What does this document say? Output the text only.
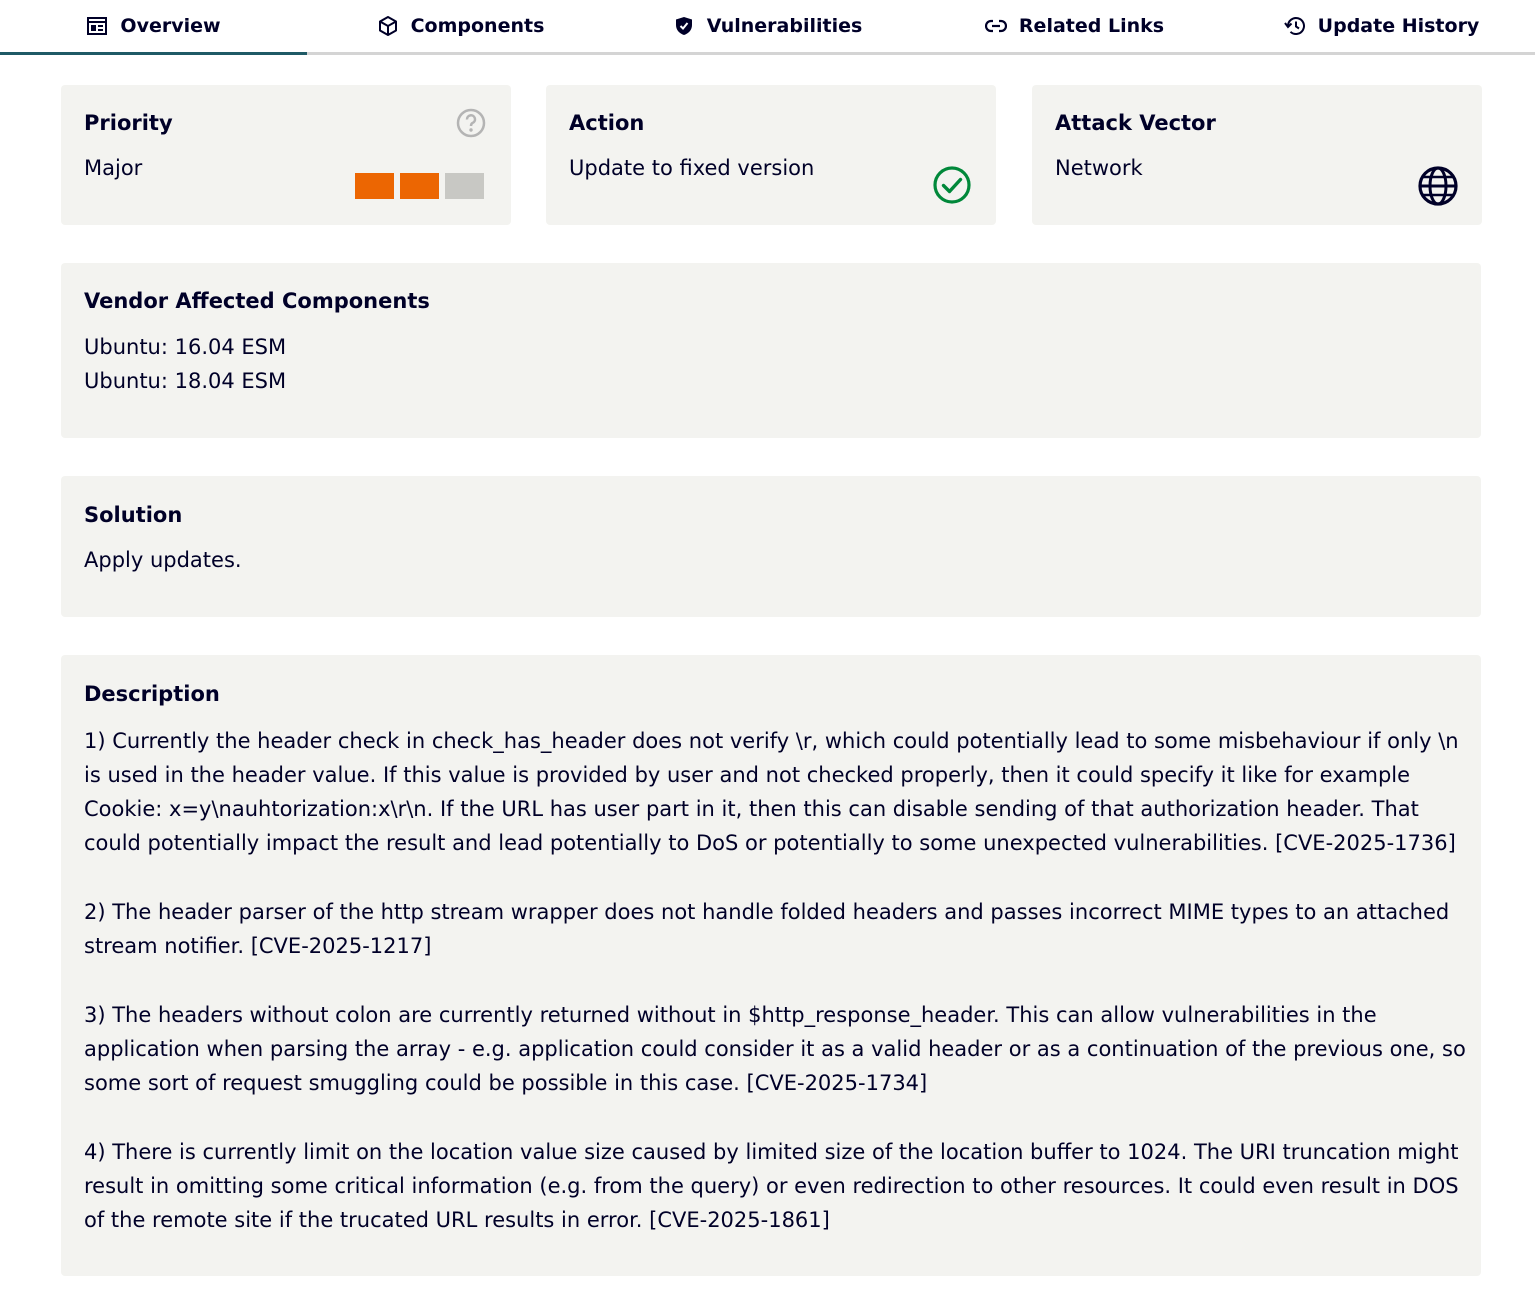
Overview	Components	Vulnerabilities	Related Links	Update History
Priority
Major
Action
Update to fixed version
Attack Vector
Network
Vendor Affected Components
Ubuntu: 16.04 ESM
Ubuntu: 18.04 ESM
Solution
Apply updates.
Description

1) Currently the header check in check_has_header does not verify \r, which could potentially lead to some misbehaviour if only \n is used in the header value. If this value is provided by user and not checked properly, then it could specify it like for example Cookie: x=y\nauhtorization:x\r\n. If the URL has user part in it, then this can disable sending of that authorization header. That could potentially impact the result and lead potentially to DoS or potentially to some unexpected vulnerabilities. [CVE-2025-1736]

2) The header parser of the http stream wrapper does not handle folded headers and passes incorrect MIME types to an attached stream notifier. [CVE-2025-1217]

3) The headers without colon are currently returned without in $http_response_header. This can allow vulnerabilities in the application when parsing the array - e.g. application could consider it as a valid header or as a continuation of the previous one, so some sort of request smuggling could be possible in this case. [CVE-2025-1734]

4) There is currently limit on the location value size caused by limited size of the location buffer to 1024. The URI truncation might result in omitting some critical information (e.g. from the query) or even redirection to other resources. It could even result in DOS of the remote site if the trucated URL results in error. [CVE-2025-1861]
